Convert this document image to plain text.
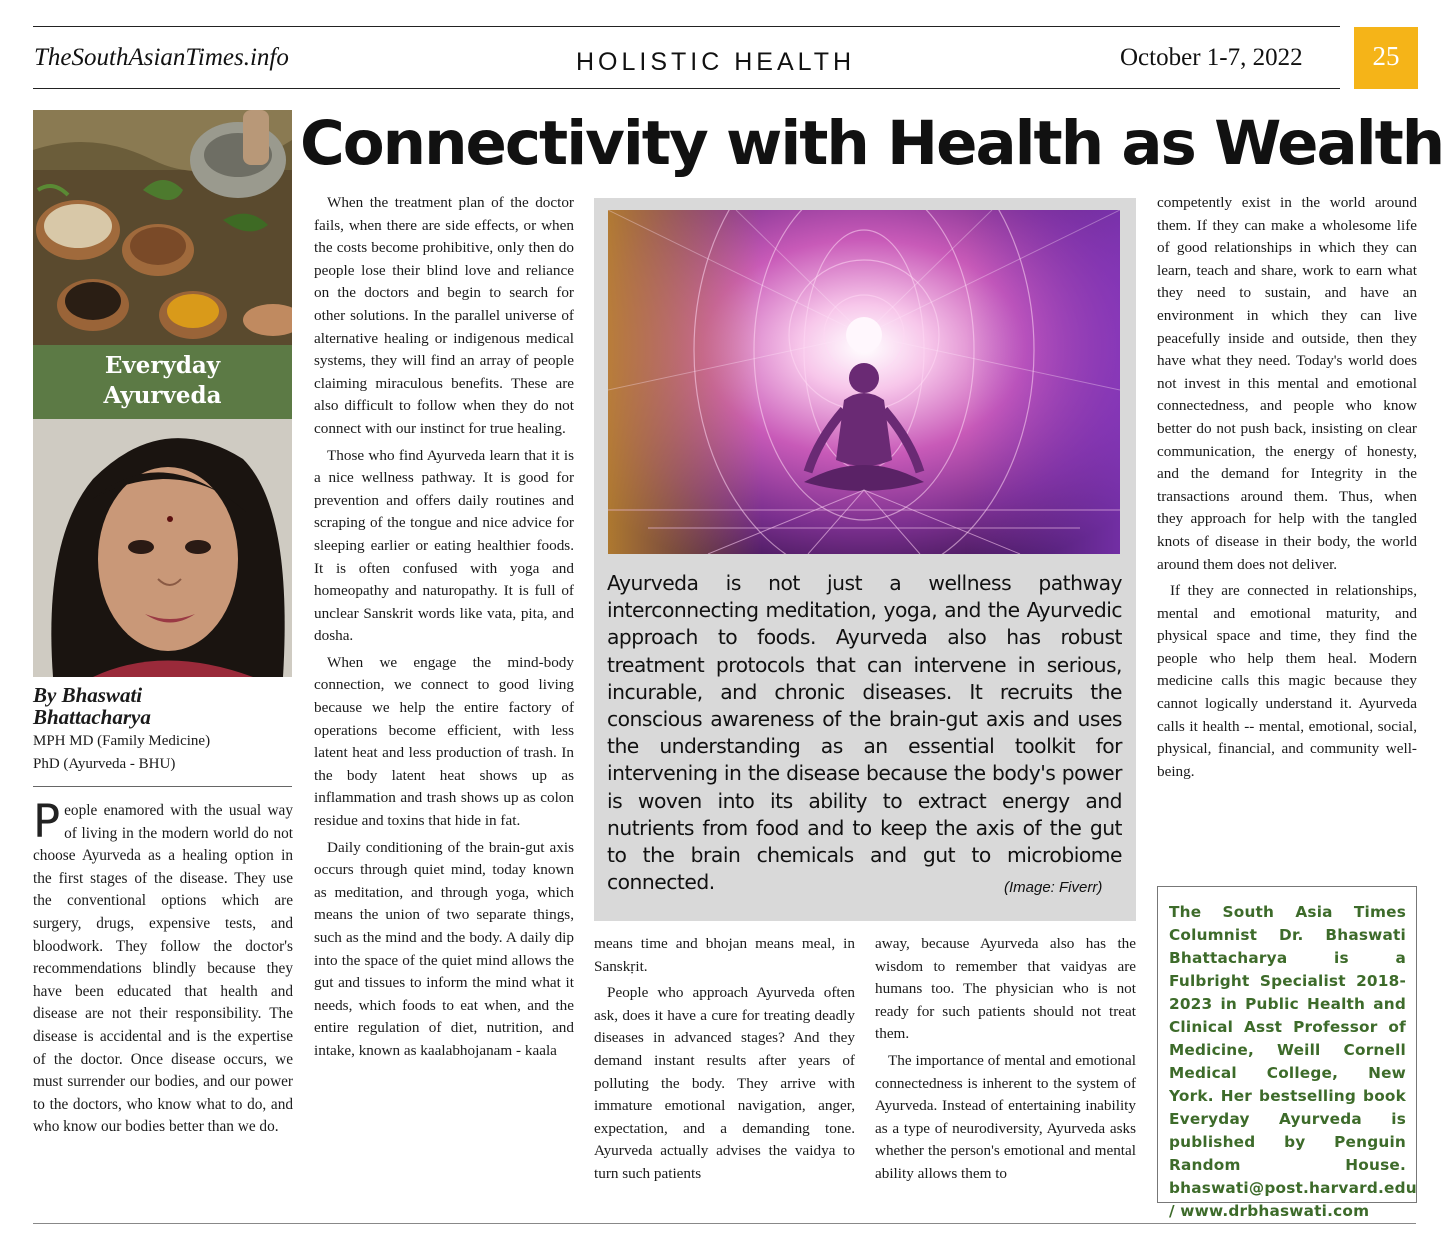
TheSouthAsianTimes.info	HOLISTIC HEALTH	October 1-7, 2022	25
Connectivity with Health as Wealth
Everyday
Ayurveda
By Bhaswati
Bhattacharya
MPH MD (Family Medicine)
PhD (Ayurveda - BHU)

People enamored with the usual way of living in the modern world do not choose Ayurveda as a healing option in the first stages of the disease. They use the conventional options which are surgery, drugs, expensive tests, and bloodwork. They follow the doctor's recommendations blindly because they have been educated that health and disease are not their responsibility. The disease is accidental and is the expertise of the doctor. Once disease occurs, we must surrender our bodies, and our power to the doctors, who know what to do, and who know our bodies better than we do.

When the treatment plan of the doctor fails, when there are side effects, or when the costs become prohibitive, only then do people lose their blind love and reliance on the doctors and begin to search for other solutions. In the parallel universe of alternative healing or indigenous medical systems, they will find an array of people claiming miraculous benefits. These are also difficult to follow when they do not connect with our instinct for true healing.

Those who find Ayurveda learn that it is a nice wellness pathway. It is good for prevention and offers daily routines and scraping of the tongue and nice advice for sleeping earlier or eating healthier foods. It is often confused with yoga and homeopathy and naturopathy. It is full of unclear Sanskrit words like vata, pita, and dosha.

When we engage the mind-body connection, we connect to good living because we help the entire factory of operations become efficient, with less latent heat and less production of trash. In the body latent heat shows up as inflammation and trash shows up as colon residue and toxins that hide in fat.

Daily conditioning of the brain-gut axis occurs through quiet mind, today known as meditation, and through yoga, which means the union of two separate things, such as the mind and the body. A daily dip into the space of the quiet mind allows the gut and tissues to inform the mind what it needs, which foods to eat when, and the entire regulation of diet, nutrition, and intake, known as kaalabhojanam - kaala

Ayurveda is not just a wellness pathway interconnecting meditation, yoga, and the Ayurvedic approach to foods. Ayurveda also has robust treatment protocols that can intervene in serious, incurable, and chronic diseases. It recruits the conscious awareness of the brain-gut axis and uses the understanding as an essential toolkit for intervening in the disease because the body's power is woven into its ability to extract energy and nutrients from food and to keep the axis of the gut to the brain chemicals and gut to microbiome connected.	(Image: Fiverr)

means time and bhojan means meal, in Sanskṛit.

People who approach Ayurveda often ask, does it have a cure for treating deadly diseases in advanced stages? And they demand instant results after years of polluting the body. They arrive with immature emotional navigation, anger, expectation, and a demanding tone. Ayurveda actually advises the vaidya to turn such patients

away, because Ayurveda also has the wisdom to remember that vaidyas are humans too. The physician who is not ready for such patients should not treat them.

The importance of mental and emotional connectedness is inherent to the system of Ayurveda. Instead of entertaining inability as a type of neurodiversity, Ayurveda asks whether the person's emotional and mental ability allows them to

competently exist in the world around them. If they can make a wholesome life of good relationships in which they can learn, teach and share, work to earn what they need to sustain, and have an environment in which they can live peacefully inside and outside, then they have what they need. Today's world does not invest in this mental and emotional connectedness, and people who know better do not push back, insisting on clear communication, the energy of honesty, and the demand for Integrity in the transactions around them. Thus, when they approach for help with the tangled knots of disease in their body, the world around them does not deliver.

If they are connected in relationships, mental and emotional maturity, and physical space and time, they find the people who help them heal. Modern medicine calls this magic because they cannot logically understand it. Ayurveda calls it health -- mental, emotional, social, physical, financial, and community well-being.

The South Asia Times Columnist Dr. Bhaswati Bhattacharya is a Fulbright Specialist 2018-2023 in Public Health and Clinical Asst Professor of Medicine, Weill Cornell Medical College, New York. Her bestselling book Everyday Ayurveda is published by Penguin Random House. bhaswati@post.harvard.edu / www.drbhaswati.com
